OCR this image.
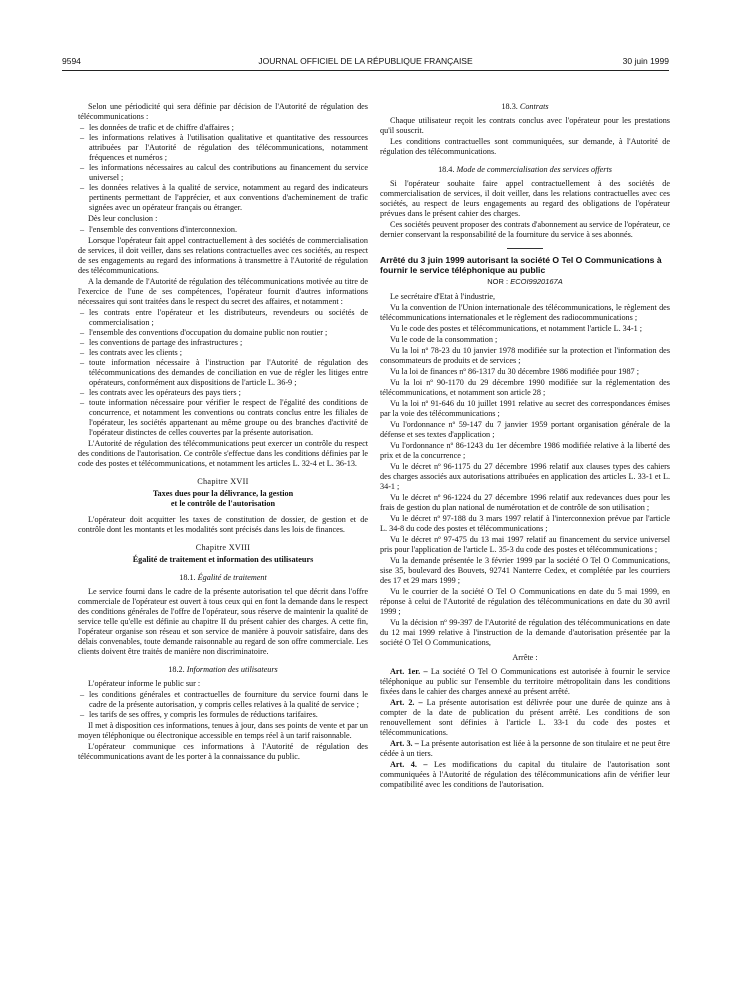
9594	JOURNAL OFFICIEL DE LA RÉPUBLIQUE FRANÇAISE	30 juin 1999

Selon une périodicité qui sera définie par décision de l'Autorité de régulation des télécommunications :

– les données de trafic et de chiffre d'affaires ;
– les informations relatives à l'utilisation qualitative et quantitative des ressources attribuées par l'Autorité de régulation des télécommunications, notamment fréquences et numéros ;
– les informations nécessaires au calcul des contributions au financement du service universel ;
– les données relatives à la qualité de service, notamment au regard des indicateurs pertinents permettant de l'apprécier, et aux conventions d'acheminement de trafic signées avec un opérateur français ou étranger.

Dès leur conclusion :

– l'ensemble des conventions d'interconnexion.

Lorsque l'opérateur fait appel contractuellement à des sociétés de commercialisation de services, il doit veiller, dans ses relations contractuelles avec ces sociétés, au respect de ses engagements au regard des informations à transmettre à l'Autorité de régulation des télécommunications.

A la demande de l'Autorité de régulation des télécommunications motivée au titre de l'exercice de l'une de ses compétences, l'opérateur fournit d'autres informations nécessaires qui sont traitées dans le respect du secret des affaires, et notamment :

– les contrats entre l'opérateur et les distributeurs, revendeurs ou sociétés de commercialisation ;
– l'ensemble des conventions d'occupation du domaine public non routier ;
– les conventions de partage des infrastructures ;
– les contrats avec les clients ;
– toute information nécessaire à l'instruction par l'Autorité de régulation des télécommunications des demandes de conciliation en vue de régler les litiges entre opérateurs, conformément aux dispositions de l'article L. 36-9 ;
– les contrats avec les opérateurs des pays tiers ;
– toute information nécessaire pour vérifier le respect de l'égalité des conditions de concurrence, et notamment les conventions ou contrats conclus entre les filiales de l'opérateur, les sociétés appartenant au même groupe ou des branches d'activité de l'opérateur distinctes de celles couvertes par la présente autorisation.

L'Autorité de régulation des télécommunications peut exercer un contrôle du respect des conditions de l'autorisation. Ce contrôle s'effectue dans les conditions définies par le code des postes et télécommunications, et notamment les articles L. 32-4 et L. 36-13.

Chapitre XVII
Taxes dues pour la délivrance, la gestion
et le contrôle de l'autorisation

L'opérateur doit acquitter les taxes de constitution de dossier, de gestion et de contrôle dont les montants et les modalités sont précisés dans les lois de finances.

Chapitre XVIII
Égalité de traitement et information des utilisateurs
18.1. Égalité de traitement

Le service fourni dans le cadre de la présente autorisation tel que décrit dans l'offre commerciale de l'opérateur est ouvert à tous ceux qui en font la demande dans le respect des conditions générales de l'offre de l'opérateur, sous réserve de maintenir la qualité de service telle qu'elle est définie au chapitre II du présent cahier des charges. A cette fin, l'opérateur organise son réseau et son service de manière à pouvoir satisfaire, dans des délais convenables, toute demande raisonnable au regard de son offre commerciale. Les clients doivent être traités de manière non discriminatoire.

18.2. Information des utilisateurs

L'opérateur informe le public sur :

– les conditions générales et contractuelles de fourniture du service fourni dans le cadre de la présente autorisation, y compris celles relatives à la qualité de service ;
– les tarifs de ses offres, y compris les formules de réductions tarifaires.

Il met à disposition ces informations, tenues à jour, dans ses points de vente et par un moyen téléphonique ou électronique accessible en temps réel à un tarif raisonnable.

L'opérateur communique ces informations à l'Autorité de régulation des télécommunications avant de les porter à la connaissance du public.

18.3. Contrats

Chaque utilisateur reçoit les contrats conclus avec l'opérateur pour les prestations qu'il souscrit.

Les conditions contractuelles sont communiquées, sur demande, à l'Autorité de régulation des télécommunications.

18.4. Mode de commercialisation des services offerts

Si l'opérateur souhaite faire appel contractuellement à des sociétés de commercialisation de services, il doit veiller, dans les relations contractuelles avec ces sociétés, au respect de leurs engagements au regard des obligations de l'opérateur prévues dans le présent cahier des charges.

Ces sociétés peuvent proposer des contrats d'abonnement au service de l'opérateur, ce dernier conservant la responsabilité de la fourniture du service à ses abonnés.

Arrêté du 3 juin 1999 autorisant la société O Tel O Communications à fournir le service téléphonique au public
NOR : ECOI9920167A

Le secrétaire d'Etat à l'industrie,

Vu la convention de l'Union internationale des télécommunications, le règlement des télécommunications internationales et le règlement des radiocommunications ;

Vu le code des postes et télécommunications, et notamment l'article L. 34-1 ;

Vu le code de la consommation ;

Vu la loi nº 78-23 du 10 janvier 1978 modifiée sur la protection et l'information des consommateurs de produits et de services ;

Vu la loi de finances nº 86-1317 du 30 décembre 1986 modifiée pour 1987 ;

Vu la loi nº 90-1170 du 29 décembre 1990 modifiée sur la réglementation des télécommunications, et notamment son article 28 ;

Vu la loi nº 91-646 du 10 juillet 1991 relative au secret des correspondances émises par la voie des télécommunications ;

Vu l'ordonnance nº 59-147 du 7 janvier 1959 portant organisation générale de la défense et ses textes d'application ;

Vu l'ordonnance nº 86-1243 du 1er décembre 1986 modifiée relative à la liberté des prix et de la concurrence ;

Vu le décret nº 96-1175 du 27 décembre 1996 relatif aux clauses types des cahiers des charges associés aux autorisations attribuées en application des articles L. 33-1 et L. 34-1 ;

Vu le décret nº 96-1224 du 27 décembre 1996 relatif aux redevances dues pour les frais de gestion du plan national de numérotation et de contrôle de son utilisation ;

Vu le décret nº 97-188 du 3 mars 1997 relatif à l'interconnexion prévue par l'article L. 34-8 du code des postes et télécommunications ;

Vu le décret nº 97-475 du 13 mai 1997 relatif au financement du service universel pris pour l'application de l'article L. 35-3 du code des postes et télécommunications ;

Vu la demande présentée le 3 février 1999 par la société O Tel O Communications, sise 35, boulevard des Bouvets, 92741 Nanterre Cedex, et complétée par les courriers des 17 et 29 mars 1999 ;

Vu le courrier de la société O Tel O Communications en date du 5 mai 1999, en réponse à celui de l'Autorité de régulation des télécommunications en date du 30 avril 1999 ;

Vu la décision nº 99-397 de l'Autorité de régulation des télécommunications en date du 12 mai 1999 relative à l'instruction de la demande d'autorisation présentée par la société O Tel O Communications,

Arrête :

Art. 1er. – La société O Tel O Communications est autorisée à fournir le service téléphonique au public sur l'ensemble du territoire métropolitain dans les conditions fixées dans le cahier des charges annexé au présent arrêté.

Art. 2. – La présente autorisation est délivrée pour une durée de quinze ans à compter de la date de publication du présent arrêté. Les conditions de son renouvellement sont définies à l'article L. 33-1 du code des postes et télécommunications.

Art. 3. – La présente autorisation est liée à la personne de son titulaire et ne peut être cédée à un tiers.

Art. 4. – Les modifications du capital du titulaire de l'autorisation sont communiquées à l'Autorité de régulation des télécommunications afin de vérifier leur compatibilité avec les conditions de l'autorisation.
